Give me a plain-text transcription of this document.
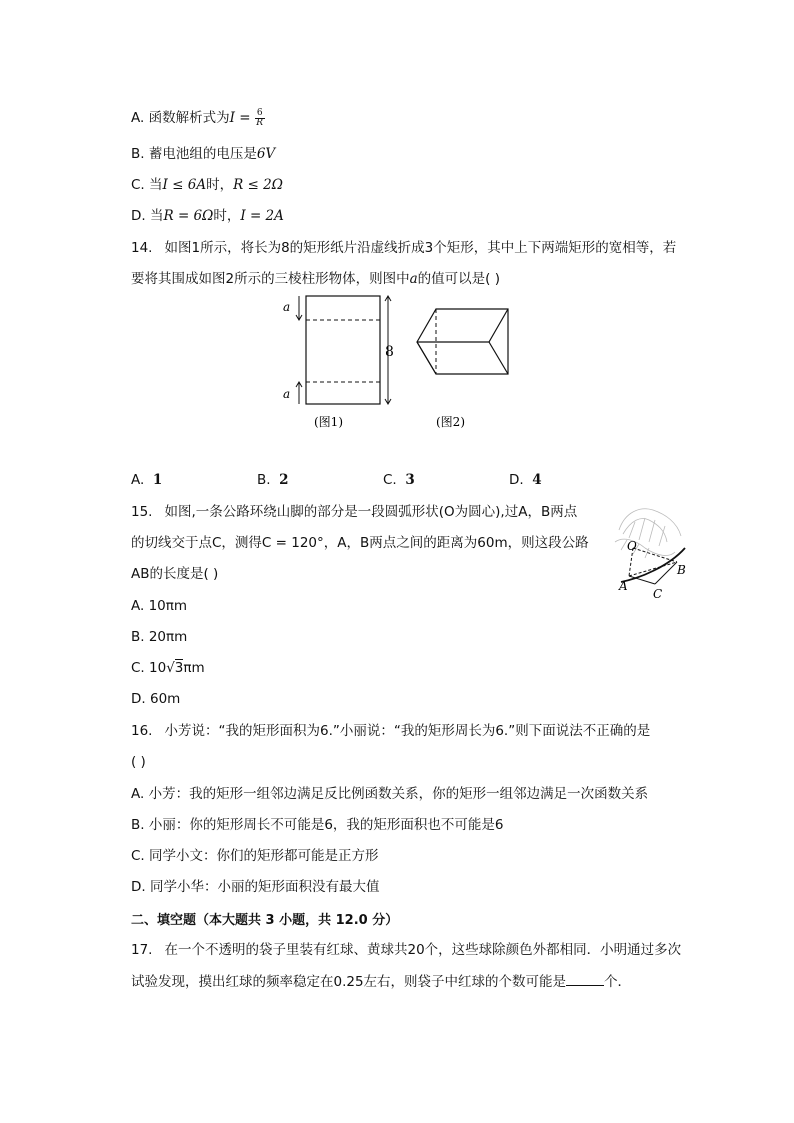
A. 函数解析式为$I = \frac{6}{R}$
B. 蓄电池组的电压是6V
C. 当I ≤ 6A时，R ≤ 2Ω
D. 当R = 6Ω时，I = 2A
14. 如图1所示，将长为8的矩形纸片沿虚线折成3个矩形，其中上下两端矩形的宽相等，若
要将其围成如图2所示的三棱柱形物体，则图中a的值可以是( )
a
a
8
(图1)	(图2)
A. 1	B. 2	C. 3	D. 4
15. 如图,一条公路环绕山脚的部分是一段圆弧形状(O为圆心),过A，B两点
的切线交于点C，测得C = 120°，A，B两点之间的距离为60m，则这段公路
AB的长度是( )
O
A
B
C
A. 10πm
B. 20πm
C. 10√3πm
D. 60m
16. 小芳说：“我的矩形面积为6.”小丽说：“我的矩形周长为6.”则下面说法不正确的是
( )
A. 小芳：我的矩形一组邻边满足反比例函数关系，你的矩形一组邻边满足一次函数关系
B. 小丽：你的矩形周长不可能是6，我的矩形面积也不可能是6
C. 同学小文：你们的矩形都可能是正方形
D. 同学小华：小丽的矩形面积没有最大值
二、填空题（本大题共 3 小题，共 12.0 分）
17. 在一个不透明的袋子里装有红球、黄球共20个，这些球除颜色外都相同．小明通过多次
试验发现，摸出红球的频率稳定在0.25左右，则袋子中红球的个数可能是	个．
